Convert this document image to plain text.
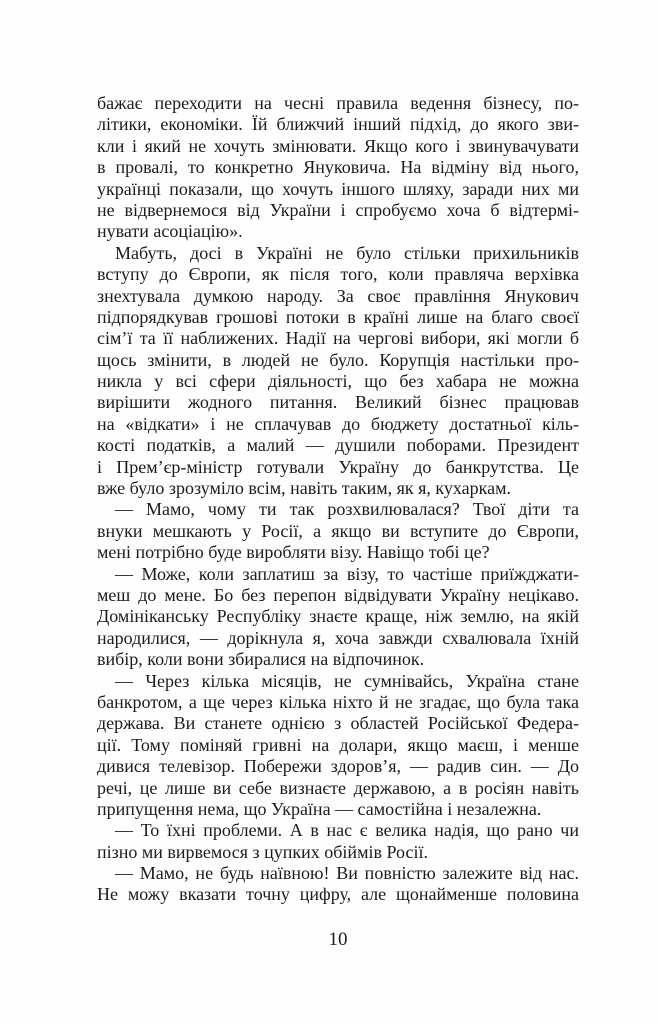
бажає переходити на чесні правила ведення бізнесу, по-
літики, економіки. Їй ближчий інший підхід, до якого зви-
кли і який не хочуть змінювати. Якщо кого і звинувачувати
в провалі, то конкретно Януковича. На відміну від нього,
українці показали, що хочуть іншого шляху, заради них ми
не відвернемося від України і спробуємо хоча б відтермі-
нувати асоціацію».
Мабуть, досі в Україні не було стільки прихильників
вступу до Європи, як після того, коли правляча верхівка
знехтувала думкою народу. За своє правління Янукович
підпорядкував грошові потоки в країні лише на благо своєї
сім’ї та її наближених. Надії на чергові вибори, які могли б
щось змінити, в людей не було. Корупція настільки про-
никла у всі сфери діяльності, що без хабара не можна
вирішити жодного питання. Великий бізнес працював
на «відкати» і не сплачував до бюджету достатньої кіль-
кості податків, а малий — душили поборами. Президент
і Прем’єр-міністр готували Україну до банкрутства. Це
вже було зрозуміло всім, навіть таким, як я, кухаркам.
— Мамо, чому ти так розхвилювалася? Твої діти та
внуки мешкають у Росії, а якщо ви вступите до Європи,
мені потрібно буде виробляти візу. Навіщо тобі це?
— Може, коли заплатиш за візу, то частіше приїжджати-
меш до мене. Бо без перепон відвідувати Україну нецікаво.
Домініканську Республіку знаєте краще, ніж землю, на якій
народилися, — дорікнула я, хоча завжди схвалювала їхній
вибір, коли вони збиралися на відпочинок.
— Через кілька місяців, не сумнівайсь, Україна стане
банкротом, а ще через кілька ніхто й не згадає, що була така
держава. Ви станете однією з областей Російської Федера-
ції. Тому поміняй гривні на долари, якщо маєш, і менше
дивися телевізор. Побережи здоров’я, — радив син. — До
речі, це лише ви себе визнаєте державою, а в росіян навіть
припущення нема, що Україна — самостійна і незалежна.
— То їхні проблеми. А в нас є велика надія, що рано чи
пізно ми вирвемося з цупких обіймів Росії.
— Мамо, не будь наївною! Ви повністю залежите від нас.
Не можу вказати точну цифру, але щонайменше половина
10
